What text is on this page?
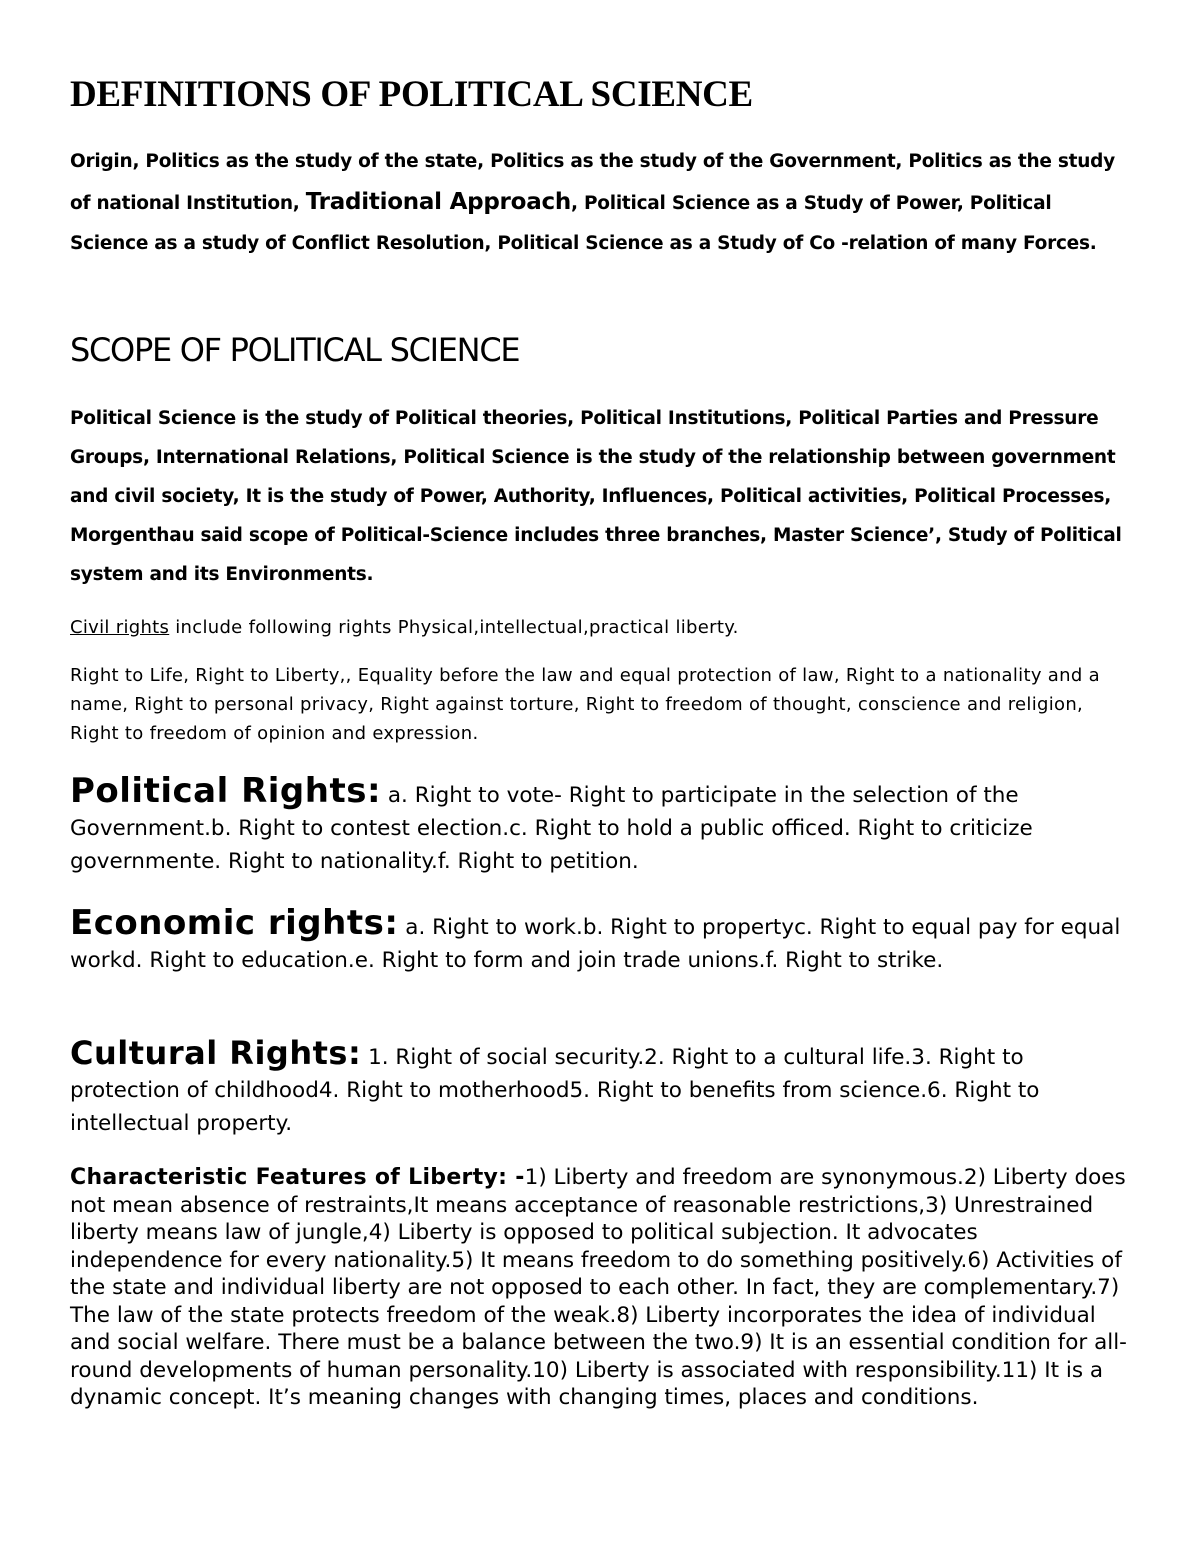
DEFINITIONS OF POLITICAL SCIENCE
Origin, Politics as the study of the state, Politics as the study of the Government, Politics as the study of national Institution, Traditional Approach, Political Science as a Study of Power, Political Science as a study of Conflict Resolution, Political Science as a Study of Co -relation of many Forces.
SCOPE OF POLITICAL SCIENCE
Political Science is the study of Political theories, Political Institutions, Political Parties and Pressure Groups, International Relations, Political Science is the study of the relationship between government and civil society, It is the study of Power, Authority, Influences, Political activities, Political Processes, Morgenthau said scope of Political-Science includes three branches, Master Science’, Study of Political system and its Environments.
Civil rights include following rights Physical,intellectual,practical liberty.
Right to Life, Right to Liberty,, Equality before the law and equal protection of law, Right to a nationality and a name, Right to personal privacy, Right against torture, Right to freedom of thought, conscience and religion, Right to freedom of opinion and expression.
Political Rights: a. Right to vote- Right to participate in the selection of the Government.b. Right to contest election.c. Right to hold a public officed. Right to criticize governmente. Right to nationality.f. Right to petition.
Economic rights: a. Right to work.b. Right to propertyc. Right to equal pay for equal workd. Right to education.e. Right to form and join trade unions.f. Right to strike.
Cultural Rights: 1. Right of social security.2. Right to a cultural life.3. Right to protection of childhood4. Right to motherhood5. Right to benefits from science.6. Right to intellectual property.
Characteristic Features of Liberty: -1) Liberty and freedom are synonymous.2) Liberty does not mean absence of restraints,It means acceptance of reasonable restrictions,3) Unrestrained liberty means law of jungle,4) Liberty is opposed to political subjection. It advocates independence for every nationality.5) It means freedom to do something positively.6) Activities of the state and individual liberty are not opposed to each other. In fact, they are complementary.7) The law of the state protects freedom of the weak.8) Liberty incorporates the idea of individual and social welfare. There must be a balance between the two.9) It is an essential condition for all-round developments of human personality.10) Liberty is associated with responsibility.11) It is a dynamic concept. It’s meaning changes with changing times, places and conditions.
